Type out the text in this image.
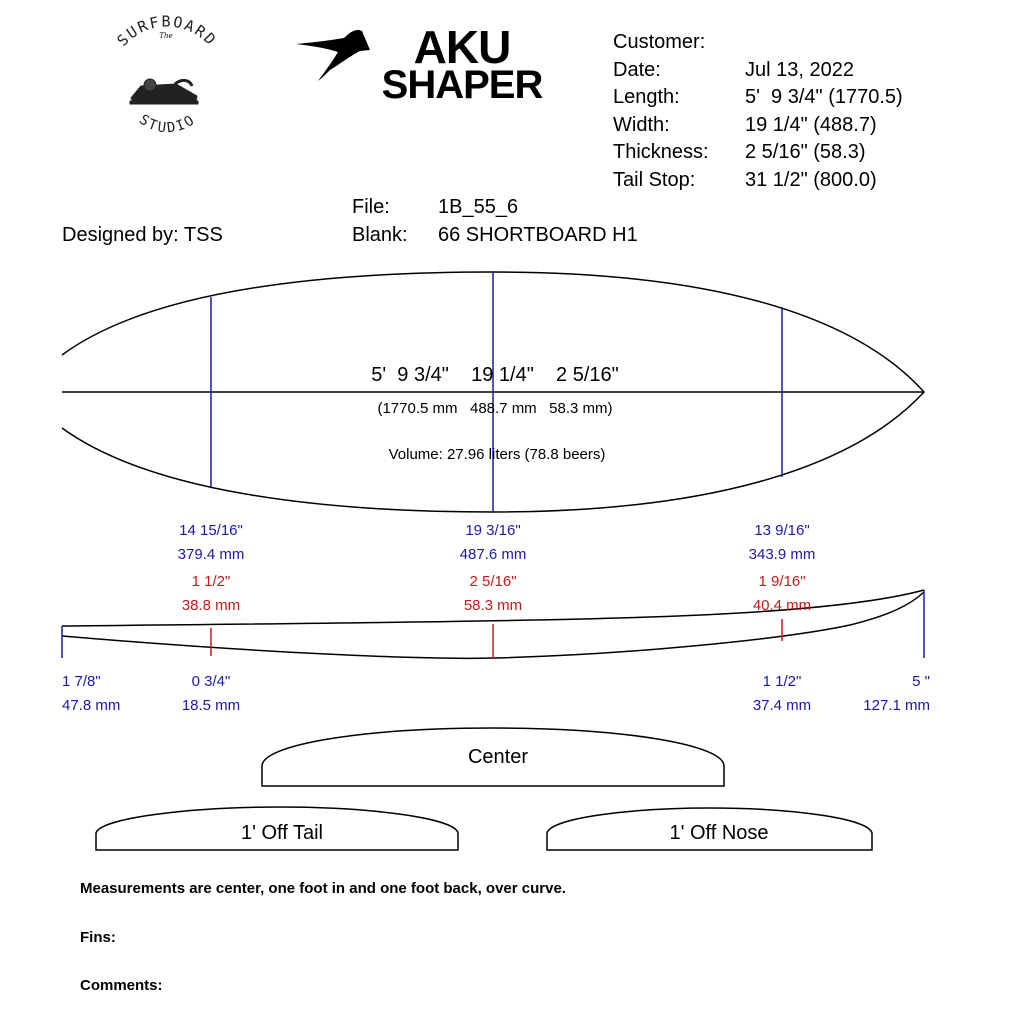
SURFBOARD
STUDIO
The	AKU
SHAPER
Customer:
Date:	Jul 13, 2022
Length:	5'  9 3/4" (1770.5)
Width:	19 1/4" (488.7)
Thickness: 2 5/16" (58.3)
Tail Stop: 31 1/2" (800.0)
File: 1B_55_6
Blank: 66 SHORTBOARD H1
Designed by: TSS
5'  9 3/4"    19 1/4"    2 5/16"
(1770.5 mm   488.7 mm   58.3 mm)
Volume: 27.96 liters (78.8 beers)
14 15/16"
379.4 mm
19 3/16"
487.6 mm
13 9/16"
343.9 mm
1 1/2"
38.8 mm
2 5/16"
58.3 mm
1 9/16"
40.4 mm
1 7/8"
47.8 mm
0 3/4"
18.5 mm
1 1/2"
37.4 mm
5 "
127.1 mm
Center
1' Off Tail	1' Off Nose
Measurements are center, one foot in and one foot back, over curve.
Fins:
Comments:
